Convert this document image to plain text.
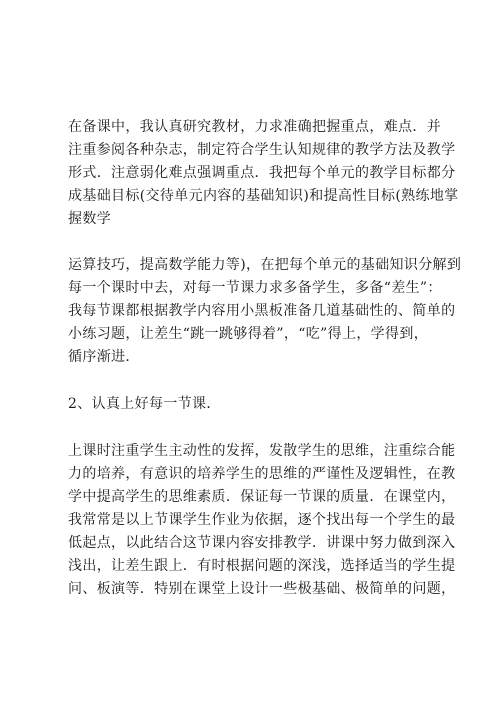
在备课中，我认真研究教材，力求准确把握重点，难点．并
注重参阅各种杂志，制定符合学生认知规律的教学方法及教学
形式．注意弱化难点强调重点．我把每个单元的教学目标都分
成基础目标(交待单元内容的基础知识)和提高性目标(熟练地掌
握数学
运算技巧，提高数学能力等)，在把每个单元的基础知识分解到
每一个课时中去，对每一节课力求多备学生，多备“差生”：
我每节课都根据教学内容用小黑板准备几道基础性的、简单的
小练习题，让差生“跳一跳够得着”，“吃”得上，学得到，
循序渐进．
2、认真上好每一节课．
上课时注重学生主动性的发挥，发散学生的思维，注重综合能
力的培养，有意识的培养学生的思维的严谨性及逻辑性，在教
学中提高学生的思维素质．保证每一节课的质量．在课堂内，
我常常是以上节课学生作业为依据，逐个找出每一个学生的最
低起点，以此结合这节课内容安排教学．讲课中努力做到深入
浅出，让差生跟上．有时根据问题的深浅，选择适当的学生提
问、板演等．特别在课堂上设计一些极基础、极简单的问题，
